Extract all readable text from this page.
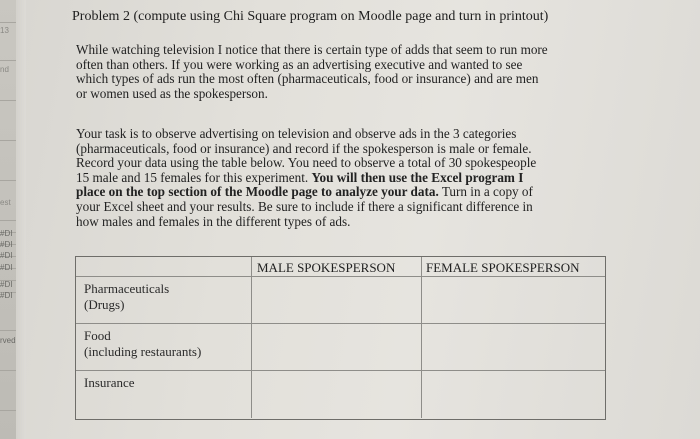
13
nd
est
#DI
#DI
#DI
#DI
#DI
#DI
rved
Problem 2 (compute using Chi Square program on Moodle page and turn in printout)
While watching television I notice that there is certain type of adds that seem to run more
often than others. If you were working as an advertising executive and wanted to see
which types of ads run the most often (pharmaceuticals, food or insurance) and are men
or women used as the spokesperson.
Your task is to observe advertising on television and observe ads in the 3 categories
(pharmaceuticals, food or insurance) and record if the spokesperson is male or female.
Record your data using the table below. You need to observe a total of 30 spokespeople
15 male and 15 females for this experiment. You will then use the Excel program I
place on the top section of the Moodle page to analyze your data. Turn in a copy of
your Excel sheet and your results. Be sure to include if there a significant difference in
how males and females in the different types of ads.
MALE SPOKESPERSON FEMALE SPOKESPERSON
Pharmaceuticals
(Drugs)
Food
(including restaurants)
Insurance
